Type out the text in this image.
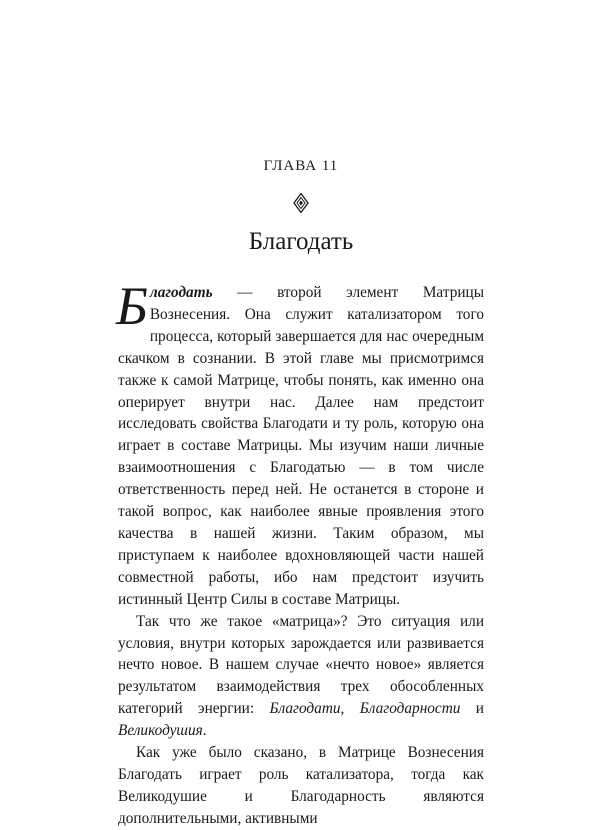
ГЛАВА 11
Благодать

Благодать — второй элемент Матрицы Вознесения. Она служит катализатором того процесса, который завершается для нас очередным скачком в сознании. В этой главе мы присмотримся также к самой Матрице, чтобы понять, как именно она оперирует внутри нас. Далее нам предстоит исследовать свойства Благодати и ту роль, которую она играет в составе Матрицы. Мы изучим наши личные взаимоотношения с Благодатью — в том числе ответственность перед ней. Не останется в стороне и такой вопрос, как наиболее явные проявления этого качества в нашей жизни. Таким образом, мы приступаем к наиболее вдохновляющей части нашей совместной работы, ибо нам предстоит изучить истинный Центр Силы в составе Матрицы.

Так что же такое «матрица»? Это ситуация или условия, внутри которых зарождается или развивается нечто новое. В нашем случае «нечто новое» является результатом взаимодействия трех обособленных категорий энергии: Благодати, Благодарности и Великодушия.

Как уже было сказано, в Матрице Вознесения Благодать играет роль катализатора, тогда как Великодушие и Благодарность являются дополнительными, активными
